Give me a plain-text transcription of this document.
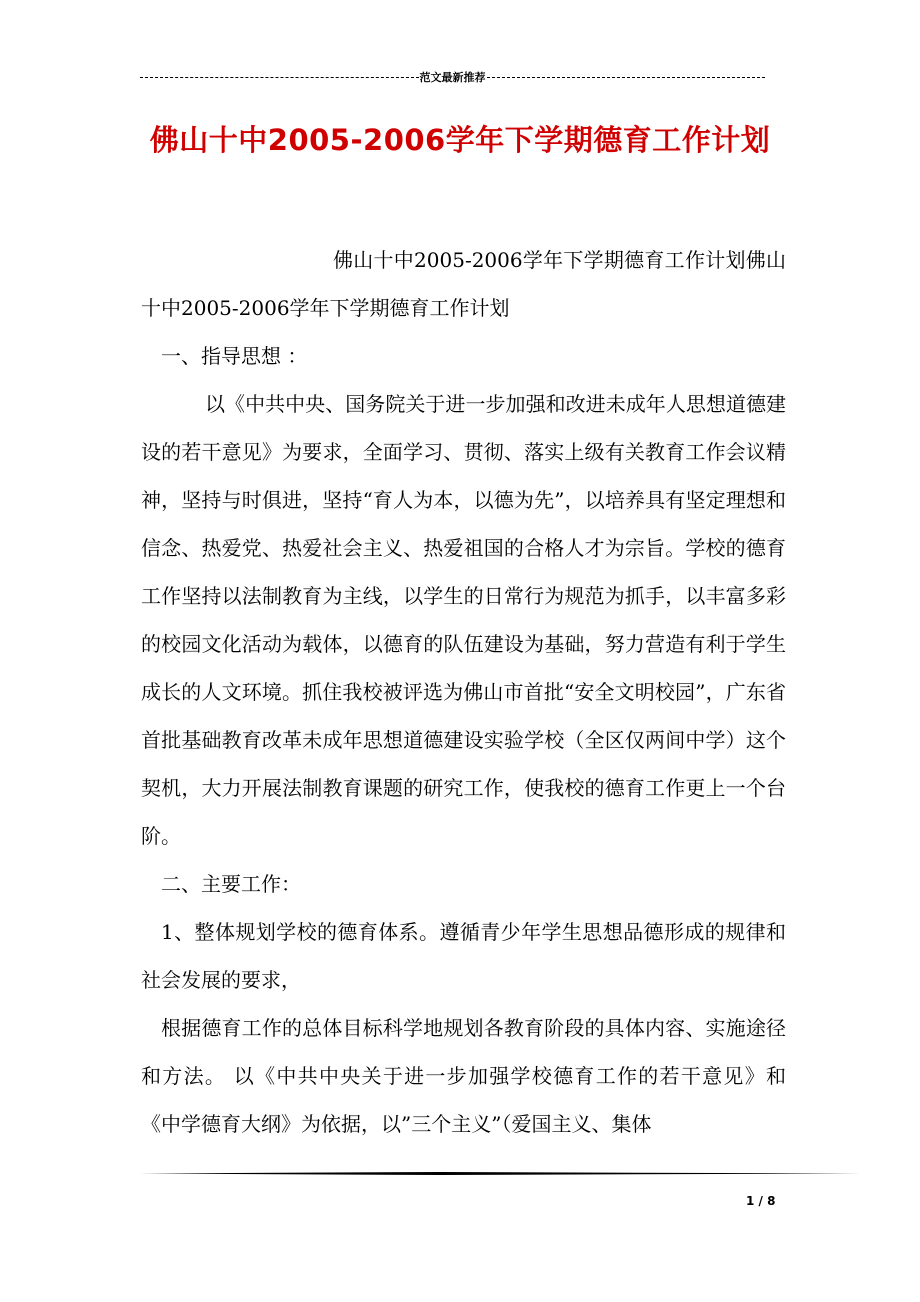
范文最新推荐
佛山十中2005-2006学年下学期德育工作计划

佛山十中2005-2006学年下学期德育工作计划佛山十中2005-2006学年下学期德育工作计划

一、指导思想 ：

以《中共中央、国务院关于进一步加强和改进未成年人思想道德建设的若干意见》为要求，全面学习、贯彻、落实上级有关教育工作会议精神，坚持与时俱进，坚持“育人为本，以德为先”，以培养具有坚定理想和信念、热爱党、热爱社会主义、热爱祖国的合格人才为宗旨。学校的德育工作坚持以法制教育为主线，以学生的日常行为规范为抓手，以丰富多彩的校园文化活动为载体，以德育的队伍建设为基础，努力营造有利于学生成长的人文环境。抓住我校被评选为佛山市首批“安全文明校园”，广东省首批基础教育改革未成年思想道德建设实验学校（全区仅两间中学）这个契机，大力开展法制教育课题的研究工作，使我校的德育工作更上一个台阶。

二、主要工作：

1、整体规划学校的德育体系。遵循青少年学生思想品德形成的规律和社会发展的要求，

根据德育工作的总体目标科学地规划各教育阶段的具体内容、实施途径和方法。 以《中共中央关于进一步加强学校德育工作的若干意见》和《中学德育大纲》为依据，以”三个主义”（爱国主义、集体

1 / 8
